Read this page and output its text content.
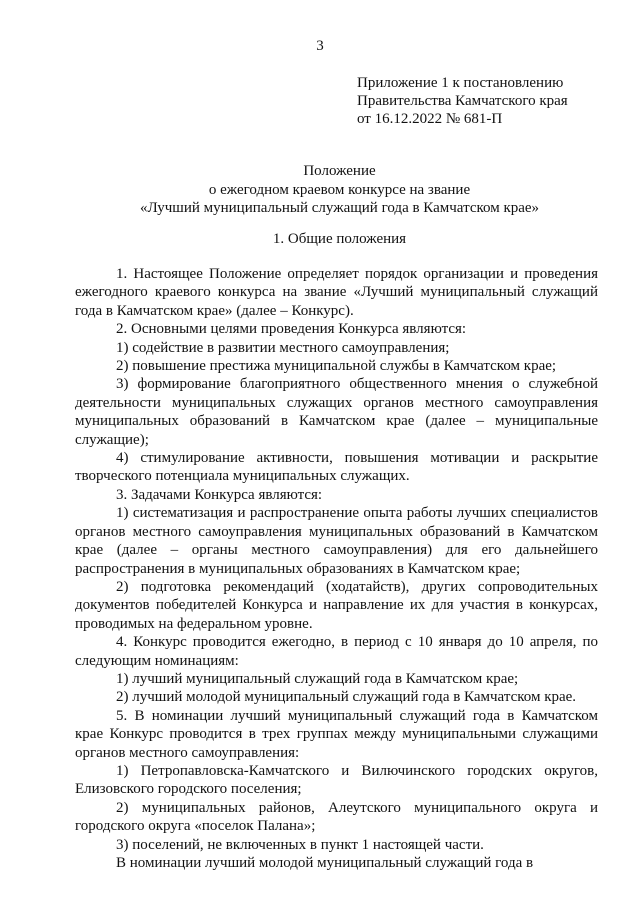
3
Приложение 1 к постановлению
Правительства Камчатского края
от 16.12.2022 № 681-П
Положение
о ежегодном краевом конкурсе на звание
«Лучший муниципальный служащий года в Камчатском крае»
1. Общие положения

1. Настоящее Положение определяет порядок организации и проведения ежегодного краевого конкурса на звание «Лучший муниципальный служащий года в Камчатском крае» (далее – Конкурс).

2. Основными целями проведения Конкурса являются:

1) содействие в развитии местного самоуправления;

2) повышение престижа муниципальной службы в Камчатском крае;

3) формирование благоприятного общественного мнения о служебной деятельности муниципальных служащих органов местного самоуправления муниципальных образований в Камчатском крае (далее – муниципальные служащие);

4) стимулирование активности, повышения мотивации и раскрытие творческого потенциала муниципальных служащих.

3. Задачами Конкурса являются:

1) систематизация и распространение опыта работы лучших специалистов органов местного самоуправления муниципальных образований в Камчатском крае (далее – органы местного самоуправления) для его дальнейшего распространения в муниципальных образованиях в Камчатском крае;

2) подготовка рекомендаций (ходатайств), других сопроводительных документов победителей Конкурса и направление их для участия в конкурсах, проводимых на федеральном уровне.

4. Конкурс проводится ежегодно, в период с 10 января до 10 апреля, по следующим номинациям:

1) лучший муниципальный служащий года в Камчатском крае;

2) лучший молодой муниципальный служащий года в Камчатском крае.

5. В номинации лучший муниципальный служащий года в Камчатском крае Конкурс проводится в трех группах между муниципальными служащими органов местного самоуправления:

1) Петропавловска-Камчатского и Вилючинского городских округов, Елизовского городского поселения;

2) муниципальных районов, Алеутского муниципального округа и городского округа «поселок Палана»;

3) поселений, не включенных в пункт 1 настоящей части.

В номинации лучший молодой муниципальный служащий года в
